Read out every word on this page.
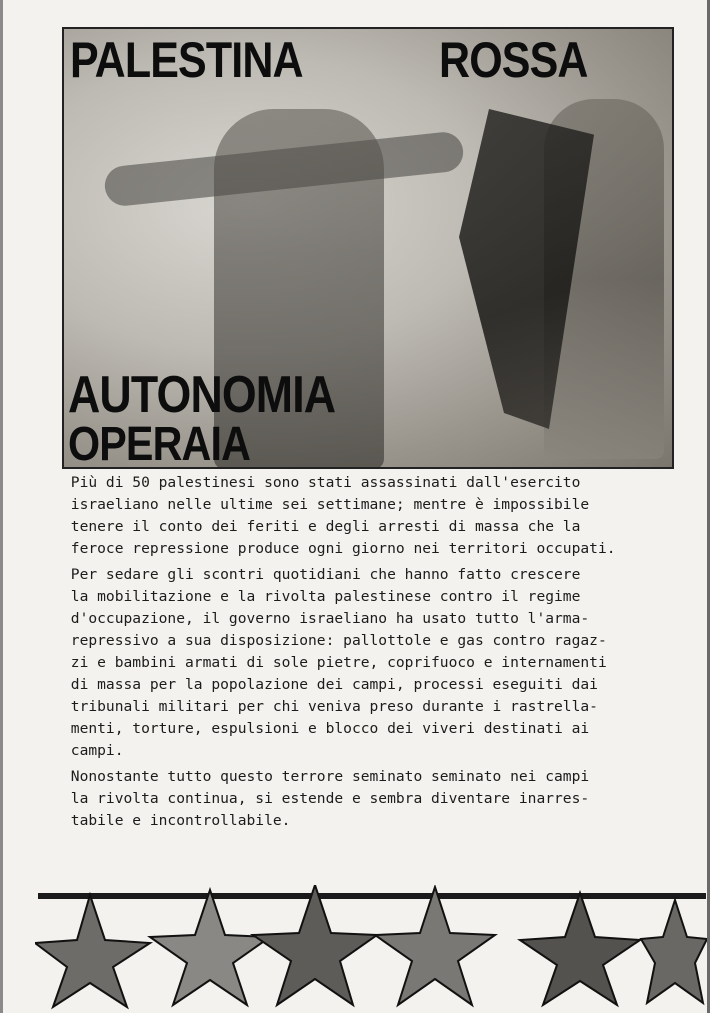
PALESTINA	ROSSA
AUTONOMIA
OPERAIA
Più di 50 palestinesi sono stati assassinati dall'esercito
israeliano nelle ultime sei settimane; mentre è impossibile
tenere il conto dei feriti e degli arresti di massa che la
feroce repressione produce ogni giorno nei territori occupati.
Per sedare gli scontri quotidiani che hanno fatto crescere
la mobilitazione e la rivolta palestinese contro il regime
d'occupazione, il governo israeliano ha usato tutto l'arma-
repressivo a sua disposizione: pallottole e gas contro ragaz-
zi e bambini armati di sole pietre, coprifuoco e internamenti
di massa per la popolazione dei campi, processi eseguiti dai
tribunali militari per chi veniva preso durante i rastrella-
menti, torture, espulsioni e blocco dei viveri destinati ai
campi.
Nonostante tutto questo terrore seminato seminato nei campi
la rivolta continua, si estende e sembra diventare inarres-
tabile e incontrollabile.
